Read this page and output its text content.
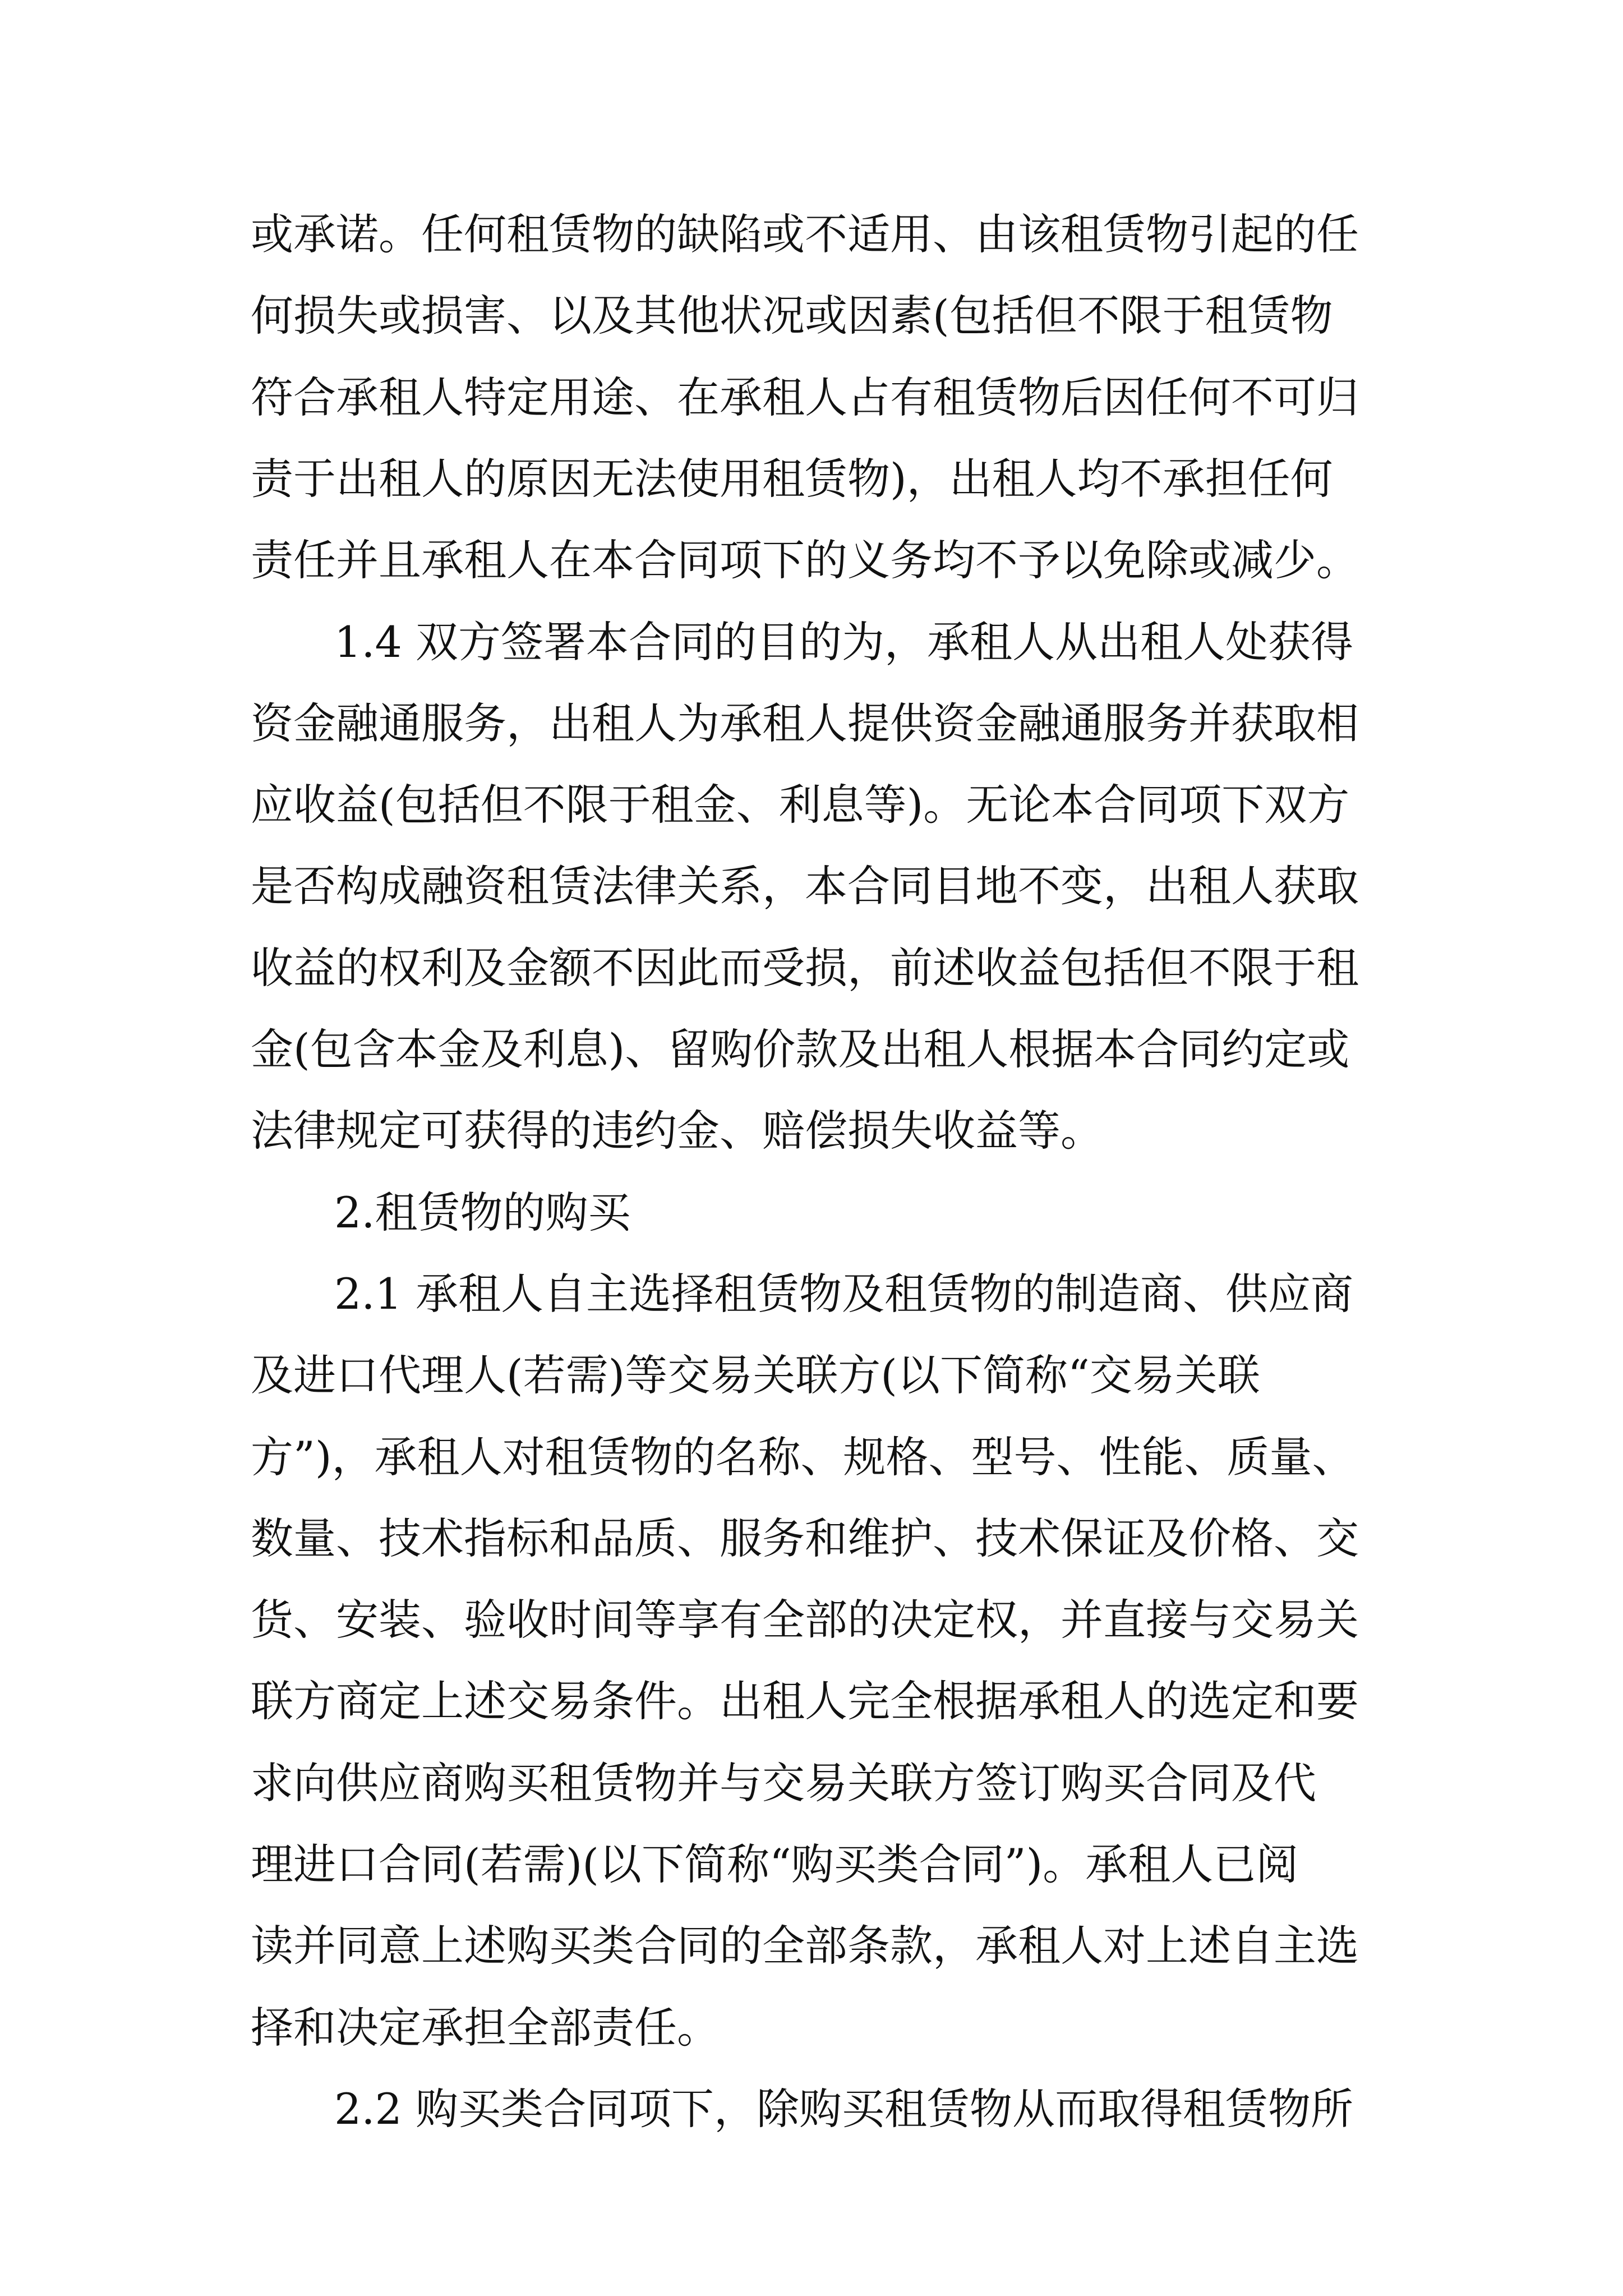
或承诺。任何租赁物的缺陷或不适用、由该租赁物引起的任
何损失或损害、以及其他状况或因素(包括但不限于租赁物
符合承租人特定用途、在承租人占有租赁物后因任何不可归
责于出租人的原因无法使用租赁物)，出租人均不承担任何
责任并且承租人在本合同项下的义务均不予以免除或减少。
1.4 双方签署本合同的目的为，承租人从出租人处获得
资金融通服务，出租人为承租人提供资金融通服务并获取相
应收益(包括但不限于租金、利息等)。无论本合同项下双方
是否构成融资租赁法律关系，本合同目地不变，出租人获取
收益的权利及金额不因此而受损，前述收益包括但不限于租
金(包含本金及利息)、留购价款及出租人根据本合同约定或
法律规定可获得的违约金、赔偿损失收益等。
2.租赁物的购买
2.1 承租人自主选择租赁物及租赁物的制造商、供应商
及进口代理人(若需)等交易关联方(以下简称“交易关联
方”)，承租人对租赁物的名称、规格、型号、性能、质量、
数量、技术指标和品质、服务和维护、技术保证及价格、交
货、安装、验收时间等享有全部的决定权，并直接与交易关
联方商定上述交易条件。出租人完全根据承租人的选定和要
求向供应商购买租赁物并与交易关联方签订购买合同及代
理进口合同(若需)(以下简称“购买类合同”)。承租人已阅
读并同意上述购买类合同的全部条款，承租人对上述自主选
择和决定承担全部责任。
2.2 购买类合同项下，除购买租赁物从而取得租赁物所
